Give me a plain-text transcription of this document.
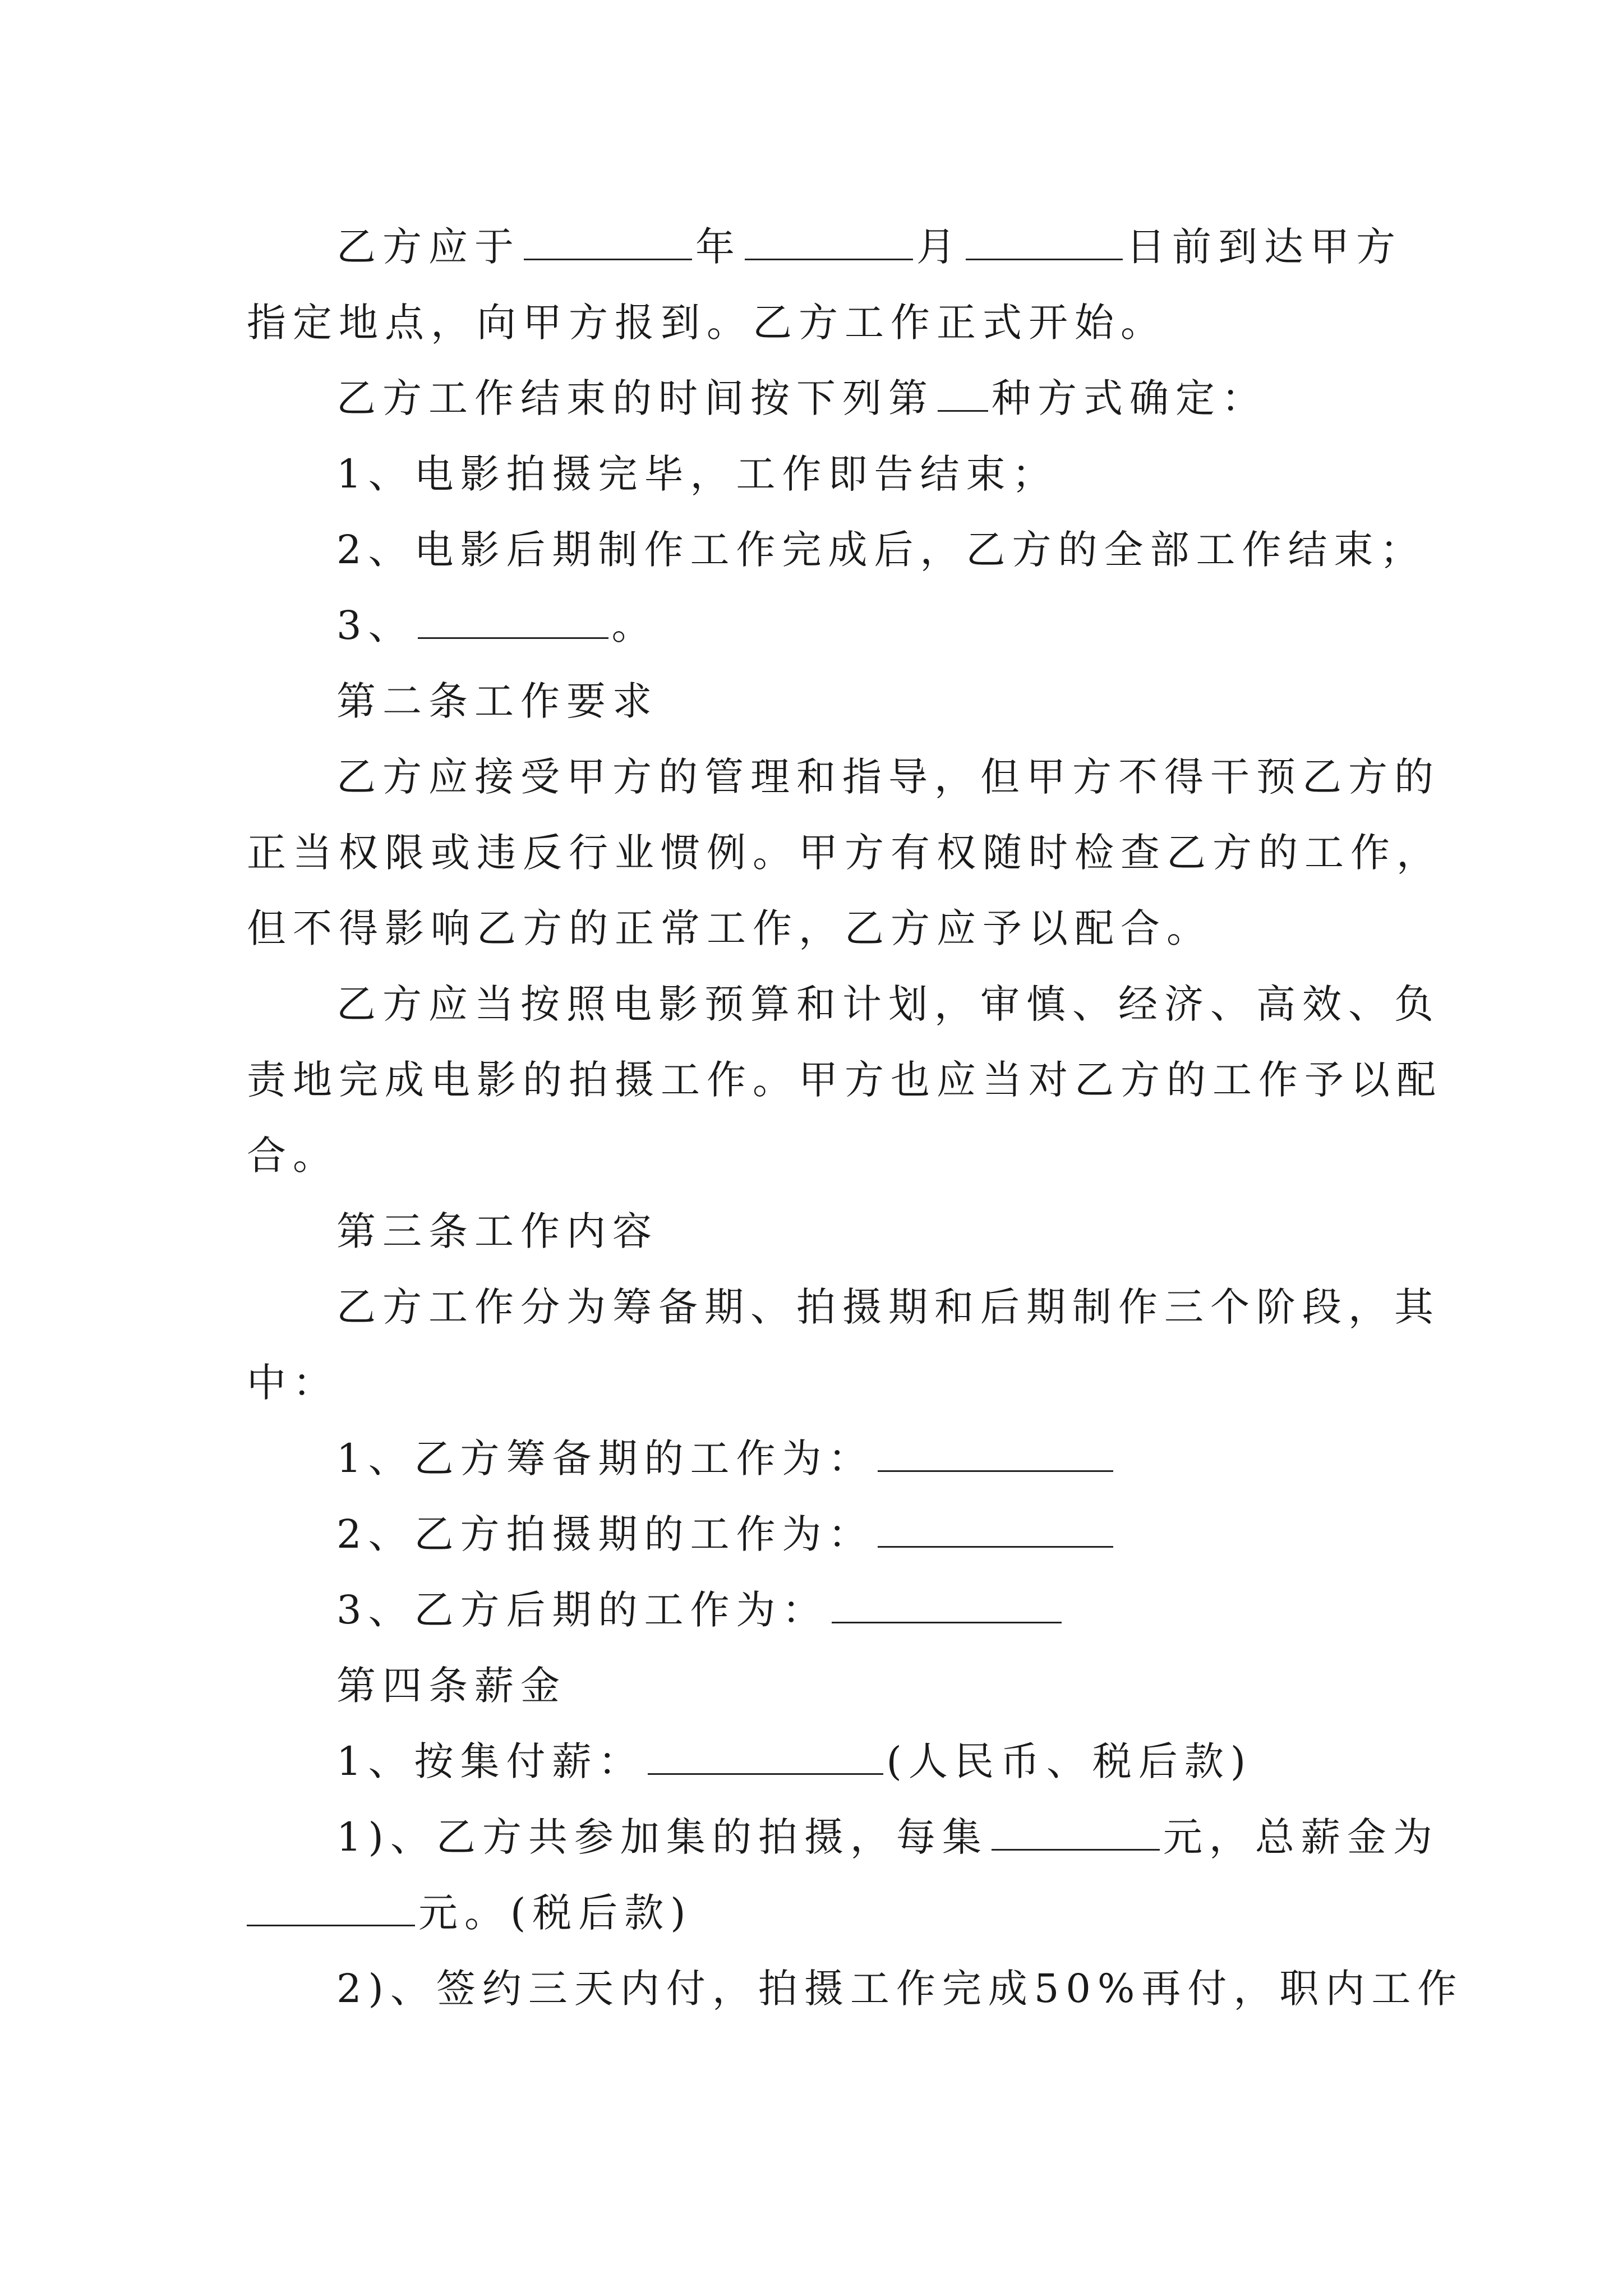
乙方应于	年	月	日前到达甲方
指定地点，向甲方报到。乙方工作正式开始。
乙方工作结束的时间按下列第 种方式确定：
1、电影拍摄完毕，工作即告结束；
2、电影后期制作工作完成后，乙方的全部工作结束；
3、	。
第二条工作要求
乙方应接受甲方的管理和指导，但甲方不得干预乙方的
正当权限或违反行业惯例。甲方有权随时检查乙方的工作，
但不得影响乙方的正常工作，乙方应予以配合。
乙方应当按照电影预算和计划，审慎、经济、高效、负
责地完成电影的拍摄工作。甲方也应当对乙方的工作予以配
合。
第三条工作内容
乙方工作分为筹备期、拍摄期和后期制作三个阶段，其
中：
1、乙方筹备期的工作为：
2、乙方拍摄期的工作为：
3、乙方后期的工作为：
第四条薪金
1、按集付薪：	(人民币、税后款)
1)、乙方共参加集的拍摄，每集	元，总薪金为
元。(税后款)
2)、签约三天内付，拍摄工作完成50%再付，职内工作
